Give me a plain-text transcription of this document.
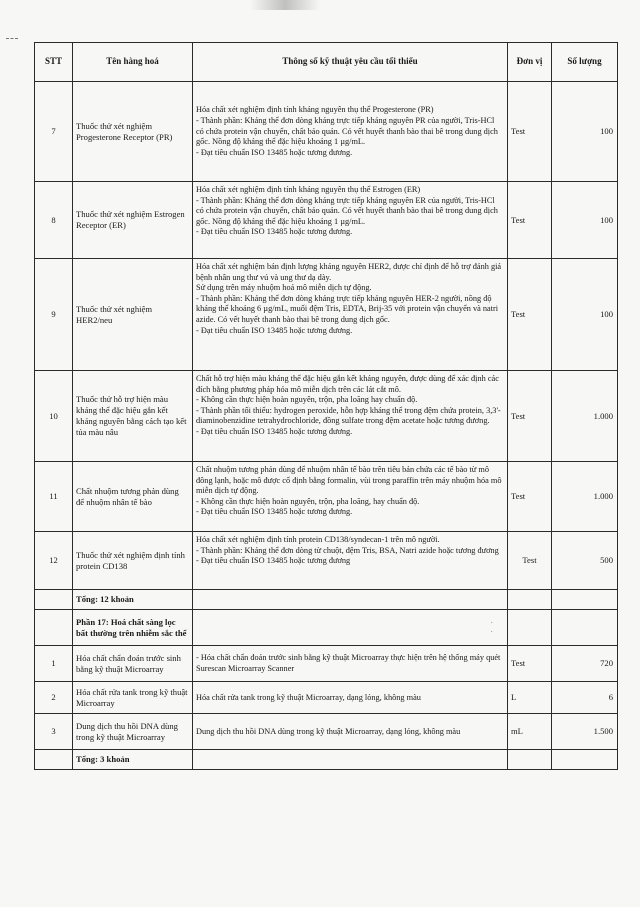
STT	Tên hàng hoá	Thông số kỹ thuật yêu cầu tối thiểu	Đơn vị	Số lượng
7	Thuốc thử xét nghiệm Progesterone Receptor (PR)	Hóa chất xét nghiệm định tính kháng nguyên thụ thể Progesterone (PR)
- Thành phần: Kháng thể đơn dòng kháng trực tiếp kháng nguyên PR của người, Tris-HCl có chứa protein vận chuyển, chất bảo quản. Có vết huyết thanh bào thai bê trong dung dịch gốc. Nồng độ kháng thể đặc hiệu khoảng 1 µg/mL.
- Đạt tiêu chuẩn ISO 13485 hoặc tương đương.	Test	100
8	Thuốc thử xét nghiệm Estrogen Receptor (ER)	Hóa chất xét nghiệm định tính kháng nguyên thụ thể Estrogen (ER)
- Thành phần: Kháng thể đơn dòng kháng trực tiếp kháng nguyên ER của người, Tris-HCl có chứa protein vận chuyển, chất bảo quản. Có vết huyết thanh bào thai bê trong dung dịch gốc. Nồng độ kháng thể đặc hiệu khoảng 1 µg/mL.
- Đạt tiêu chuẩn ISO 13485 hoặc tương đương.	Test	100
9	Thuốc thử xét nghiệm HER2/neu	Hóa chất xét nghiệm bán định lượng kháng nguyên HER2, được chỉ định để hỗ trợ đánh giá bệnh nhân ung thư vú và ung thư dạ dày.
Sử dụng trên máy nhuộm hoá mô miễn dịch tự động.
- Thành phần: Kháng thể đơn dòng kháng trực tiếp kháng nguyên HER-2 người, nồng độ kháng thể khoảng 6 µg/mL, muối đệm Tris, EDTA, Brij-35 với protein vận chuyển và natri azide. Có vết huyết thanh bào thai bê trong dung dịch gốc.
- Đạt tiêu chuẩn ISO 13485 hoặc tương đương.	Test	100
10	Thuốc thử hỗ trợ hiện màu kháng thể đặc hiệu gắn kết kháng nguyên bằng cách tạo kết tủa màu nâu	Chất hỗ trợ hiện màu kháng thể đặc hiệu gắn kết kháng nguyên, được dùng để xác định các đích bằng phương pháp hóa mô miễn dịch trên các lát cắt mô.
- Không cần thực hiện hoàn nguyên, trộn, pha loãng hay chuẩn độ.
- Thành phần tối thiểu: hydrogen peroxide, hỗn hợp kháng thể trong đệm chứa protein, 3,3'-diaminobenzidine tetrahydrochloride, đồng sulfate trong đệm acetate hoặc tương đương.
- Đạt tiêu chuẩn ISO 13485 hoặc tương đương.	Test	1.000
11	Chất nhuộm tương phản dùng để nhuộm nhân tế bào	Chất nhuộm tương phản dùng để nhuộm nhân tế bào trên tiêu bản chứa các tế bào từ mô đông lạnh, hoặc mô được cố định bằng formalin, vùi trong paraffin trên máy nhuộm hóa mô miễn dịch tự động.
- Không cần thực hiện hoàn nguyên, trộn, pha loãng, hay chuẩn độ.
- Đạt tiêu chuẩn ISO 13485 hoặc tương đương.	Test	1.000
12	Thuốc thử xét nghiệm định tính protein CD138	Hóa chất xét nghiệm định tính protein CD138/syndecan-1 trên mô người.
- Thành phần: Kháng thể đơn dòng từ chuột, đệm Tris, BSA, Natri azide hoặc tương đương
- Đạt tiêu chuẩn ISO 13485 hoặc tương đương	Test	500
	Tổng: 12 khoản			
	Phần 17: Hoá chất sàng lọc bất thường trên nhiễm sắc thể	·
·		
1	Hóa chất chẩn đoán trước sinh bằng kỹ thuật Microarray	- Hóa chất chẩn đoán trước sinh bằng kỹ thuật Microarray thực hiện trên hệ thống máy quét Surescan Microarray Scanner	Test	720
2	Hóa chất rửa tank trong kỹ thuật Microarray	Hóa chất rửa tank trong kỹ thuật Microarray, dạng lỏng, không màu	L	6
3	Dung dịch thu hồi DNA dùng trong kỹ thuật Microarray	Dung dịch thu hồi DNA dùng trong kỹ thuật Microarray, dạng lỏng, không màu	mL	1.500
	Tổng: 3 khoản			
